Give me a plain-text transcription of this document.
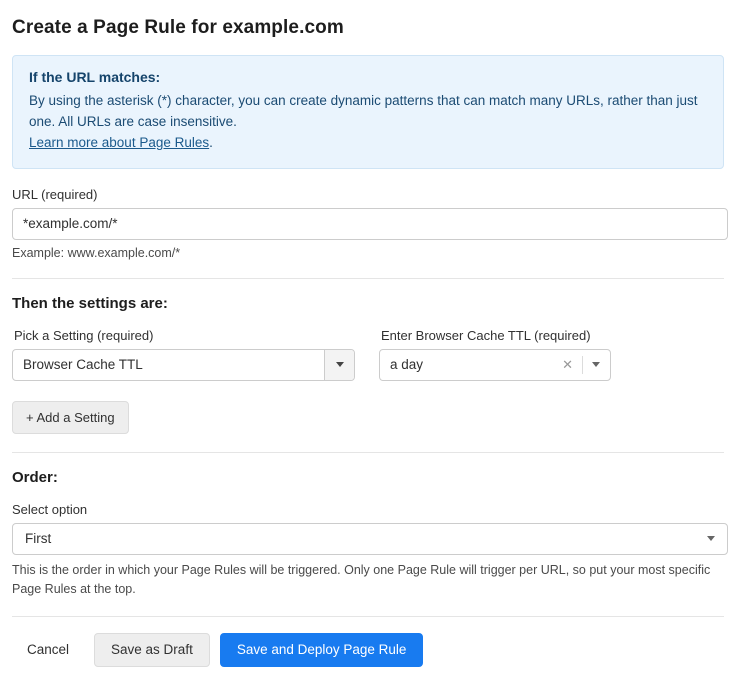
Create a Page Rule for example.com
If the URL matches:
By using the asterisk (*) character, you can create dynamic patterns that can match many URLs, rather than just one. All URLs are case insensitive.
Learn more about Page Rules.
URL (required)
*example.com/*
Example: www.example.com/*
Then the settings are:
Pick a Setting (required)
Browser Cache TTL
Enter Browser Cache TTL (required)
a day	✕
+ Add a Setting
Order:
Select option
First
This is the order in which your Page Rules will be triggered. Only one Page Rule will trigger per URL, so put your most specific Page Rules at the top.
Cancel	Save as Draft	Save and Deploy Page Rule
